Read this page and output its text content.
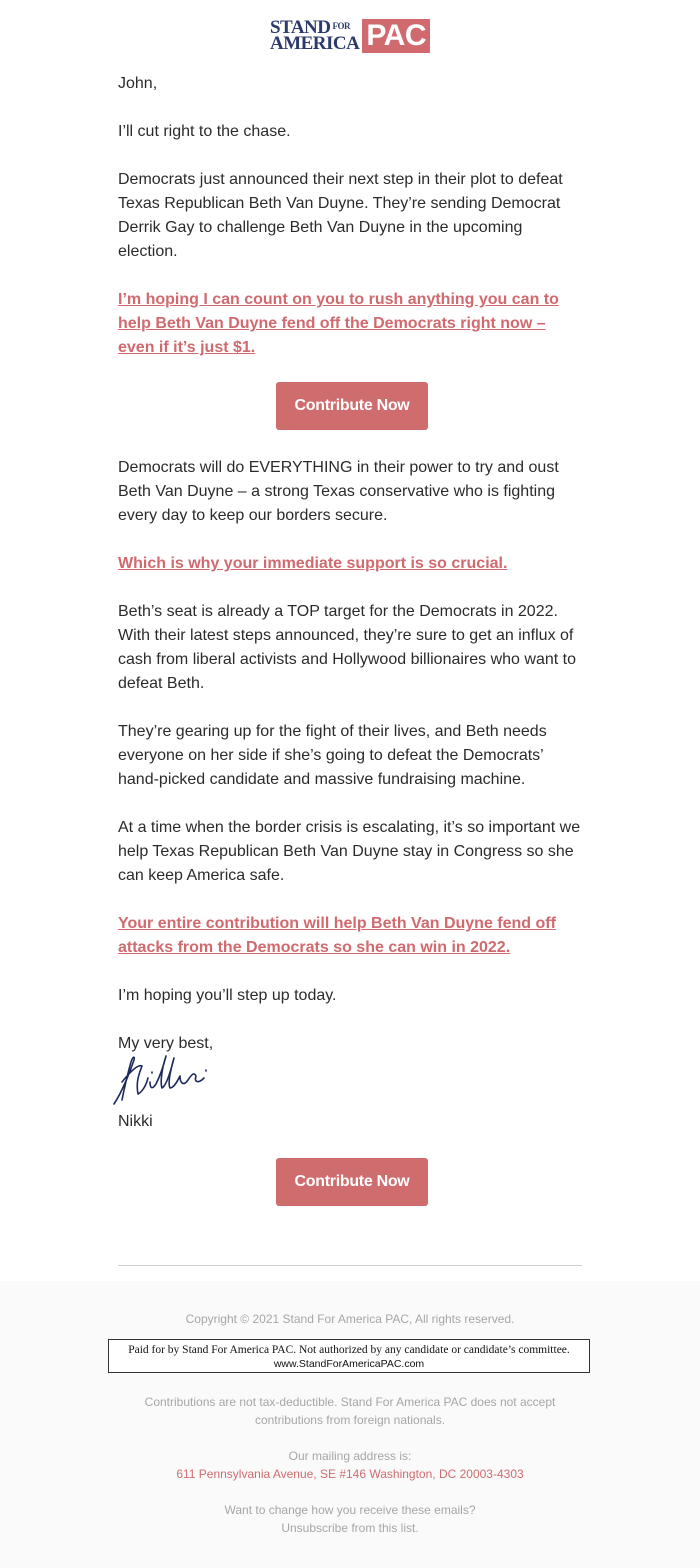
STAND FOR
AMERICA PAC

John,

I’ll cut right to the chase.

Democrats just announced their next step in their plot to defeat Texas Republican Beth Van Duyne. They’re sending Democrat Derrik Gay to challenge Beth Van Duyne in the upcoming election.

I’m hoping I can count on you to rush anything you can to help Beth Van Duyne fend off the Democrats right now – even if it’s just $1.

Contribute Now

Democrats will do EVERYTHING in their power to try and oust Beth Van Duyne – a strong Texas conservative who is fighting every day to keep our borders secure.

Which is why your immediate support is so crucial.

Beth’s seat is already a TOP target for the Democrats in 2022. With their latest steps announced, they’re sure to get an influx of cash from liberal activists and Hollywood billionaires who want to defeat Beth.

They’re gearing up for the fight of their lives, and Beth needs everyone on her side if she’s going to defeat the Democrats’ hand-picked candidate and massive fundraising machine.

At a time when the border crisis is escalating, it’s so important we help Texas Republican Beth Van Duyne stay in Congress so she can keep America safe.

Your entire contribution will help Beth Van Duyne fend off attacks from the Democrats so she can win in 2022.

I’m hoping you’ll step up today.

My very best,

Nikki

Contribute Now

Copyright © 2021 Stand For America PAC, All rights reserved.

Paid for by Stand For America PAC. Not authorized by any candidate or candidate’s committee.
www.StandForAmericaPAC.com

Contributions are not tax-deductible. Stand For America PAC does not accept contributions from foreign nationals.

Our mailing address is:

611 Pennsylvania Avenue, SE #146 Washington, DC 20003-4303

Want to change how you receive these emails?

Unsubscribe from this list.
